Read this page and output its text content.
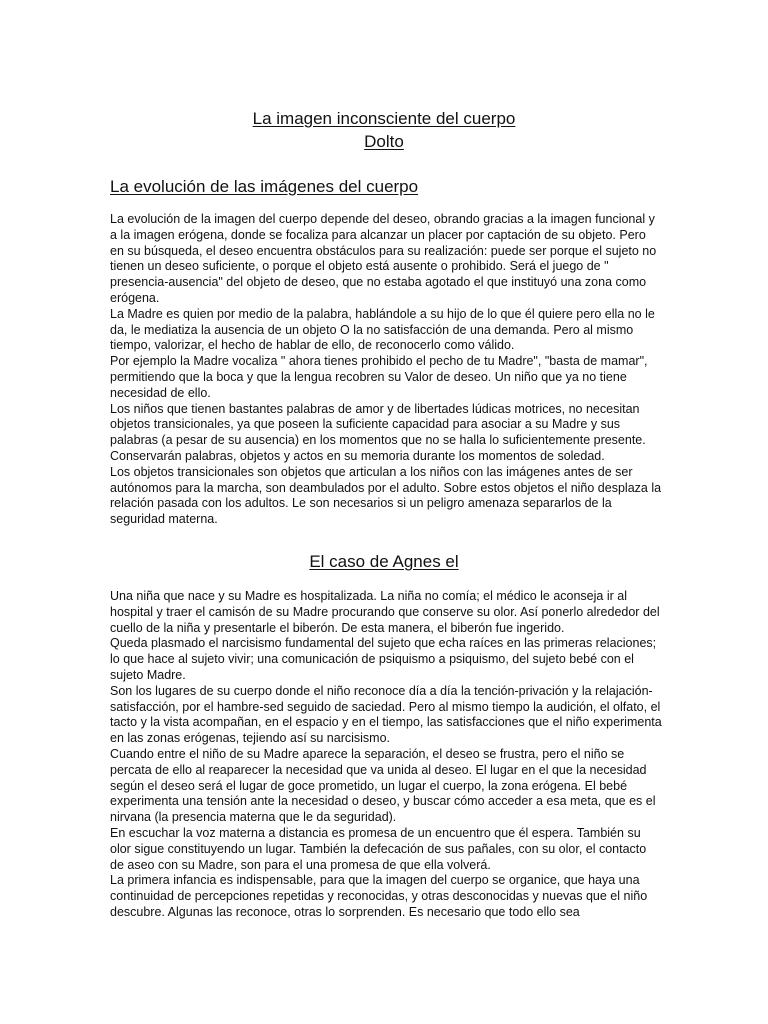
La imagen inconsciente del cuerpo
Dolto
La evolución de las imágenes del cuerpo

La evolución de la imagen del cuerpo depende del deseo, obrando gracias a la imagen funcional y a la imagen erógena, donde se focaliza para alcanzar un placer por captación de su objeto. Pero en su búsqueda, el deseo encuentra obstáculos para su realización: puede ser porque el sujeto no tienen un deseo suficiente, o porque el objeto está ausente o prohibido. Será el juego de " presencia-ausencia" del objeto de deseo, que no estaba agotado el que instituyó una zona como erógena.

La Madre es quien por medio de la palabra, hablándole a su hijo de lo que él quiere pero ella no le da, le mediatiza la ausencia de un objeto O la no satisfacción de una demanda. Pero al mismo tiempo, valorizar, el hecho de hablar de ello, de reconocerlo como válido.

Por ejemplo la Madre vocaliza " ahora tienes prohibido el pecho de tu Madre", "basta de mamar", permitiendo que la boca y que la lengua recobren su Valor de deseo. Un niño que ya no tiene necesidad de ello.

Los niños que tienen bastantes palabras de amor y de libertades lúdicas motrices, no necesitan objetos transicionales, ya que poseen la suficiente capacidad para asociar a su Madre y sus palabras (a pesar de su ausencia) en los momentos que no se halla lo suficientemente presente. Conservarán palabras, objetos y actos en su memoria durante los momentos de soledad.

Los objetos transicionales son objetos que articulan a los niños con las imágenes antes de ser autónomos para la marcha, son deambulados por el adulto. Sobre estos objetos el niño desplaza la relación pasada con los adultos. Le son necesarios si un peligro amenaza separarlos de la seguridad materna.

El caso de Agnes el

Una niña que nace y su Madre es hospitalizada. La niña no comía; el médico le aconseja ir al hospital y traer el camisón de su Madre procurando que conserve su olor. Así ponerlo alrededor del cuello de la niña y presentarle el biberón. De esta manera, el biberón fue ingerido.

Queda plasmado el narcisismo fundamental del sujeto que echa raíces en las primeras relaciones; lo que hace al sujeto vivir; una comunicación de psiquismo a psiquismo, del sujeto bebé con el sujeto Madre.

Son los lugares de su cuerpo donde el niño reconoce día a día la tención-privación y la relajación-satisfacción, por el hambre-sed seguido de saciedad. Pero al mismo tiempo la audición, el olfato, el tacto y la vista acompañan, en el espacio y en el tiempo, las satisfacciones que el niño experimenta en las zonas erógenas, tejiendo así su narcisismo.

Cuando entre el niño de su Madre aparece la separación, el deseo se frustra, pero el niño se percata de ello al reaparecer la necesidad que va unida al deseo. El lugar en el que la necesidad según el deseo será el lugar de goce prometido, un lugar el cuerpo, la zona erógena. El bebé experimenta una tensión ante la necesidad o deseo, y buscar cómo acceder a esa meta, que es el nirvana (la presencia materna que le da seguridad).

En escuchar la voz materna a distancia es promesa de un encuentro que él espera. También su olor sigue constituyendo un lugar. También la defecación de sus pañales, con su olor, el contacto de aseo con su Madre, son para el una promesa de que ella volverá.

La primera infancia es indispensable, para que la imagen del cuerpo se organice, que haya una continuidad de percepciones repetidas y reconocidas, y otras desconocidas y nuevas que el niño descubre. Algunas las reconoce, otras lo sorprenden. Es necesario que todo ello sea
